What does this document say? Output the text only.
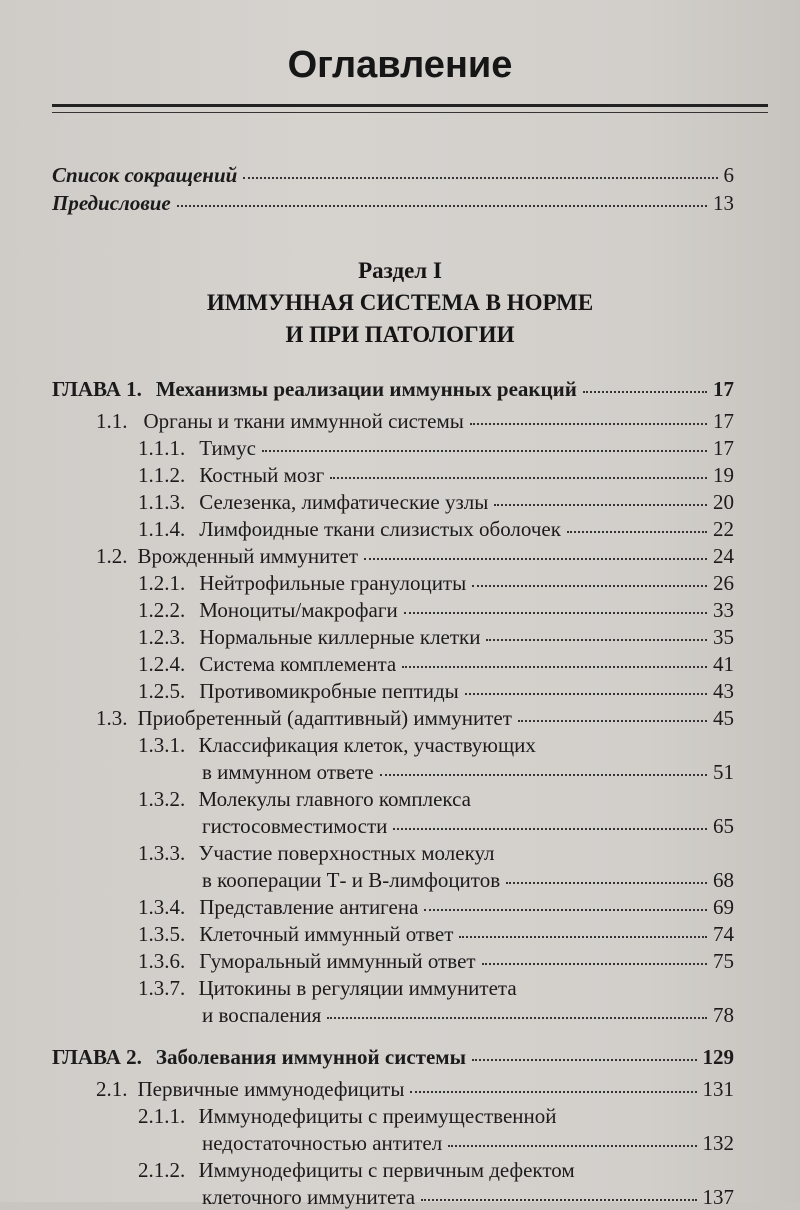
Оглавление
Список сокращений	6
Предисловие	13
Раздел I
ИММУННАЯ СИСТЕМА В НОРМЕ
И ПРИ ПАТОЛОГИИ
ГЛАВА 1. Механизмы реализации иммунных реакций	17
1.1. Органы и ткани иммунной системы	17
1.1.1. Тимус	17
1.1.2. Костный мозг	19
1.1.3. Селезенка, лимфатические узлы	20
1.1.4. Лимфоидные ткани слизистых оболочек	22
1.2. Врожденный иммунитет	24
1.2.1. Нейтрофильные гранулоциты	26
1.2.2. Моноциты/макрофаги	33
1.2.3. Нормальные киллерные клетки	35
1.2.4. Система комплемента	41
1.2.5. Противомикробные пептиды	43
1.3. Приобретенный (адаптивный) иммунитет	45
1.3.1. Классификация клеток, участвующих
в иммунном ответе	51
1.3.2. Молекулы главного комплекса
гистосовместимости	65
1.3.3. Участие поверхностных молекул
в кооперации Т- и В-лимфоцитов	68
1.3.4. Представление антигена	69
1.3.5. Клеточный иммунный ответ	74
1.3.6. Гуморальный иммунный ответ	75
1.3.7. Цитокины в регуляции иммунитета
и воспаления	78
ГЛАВА 2. Заболевания иммунной системы	129
2.1. Первичные иммунодефициты	131
2.1.1. Иммунодефициты с преимущественной
недостаточностью антител	132
2.1.2. Иммунодефициты с первичным дефектом
клеточного иммунитета	137
